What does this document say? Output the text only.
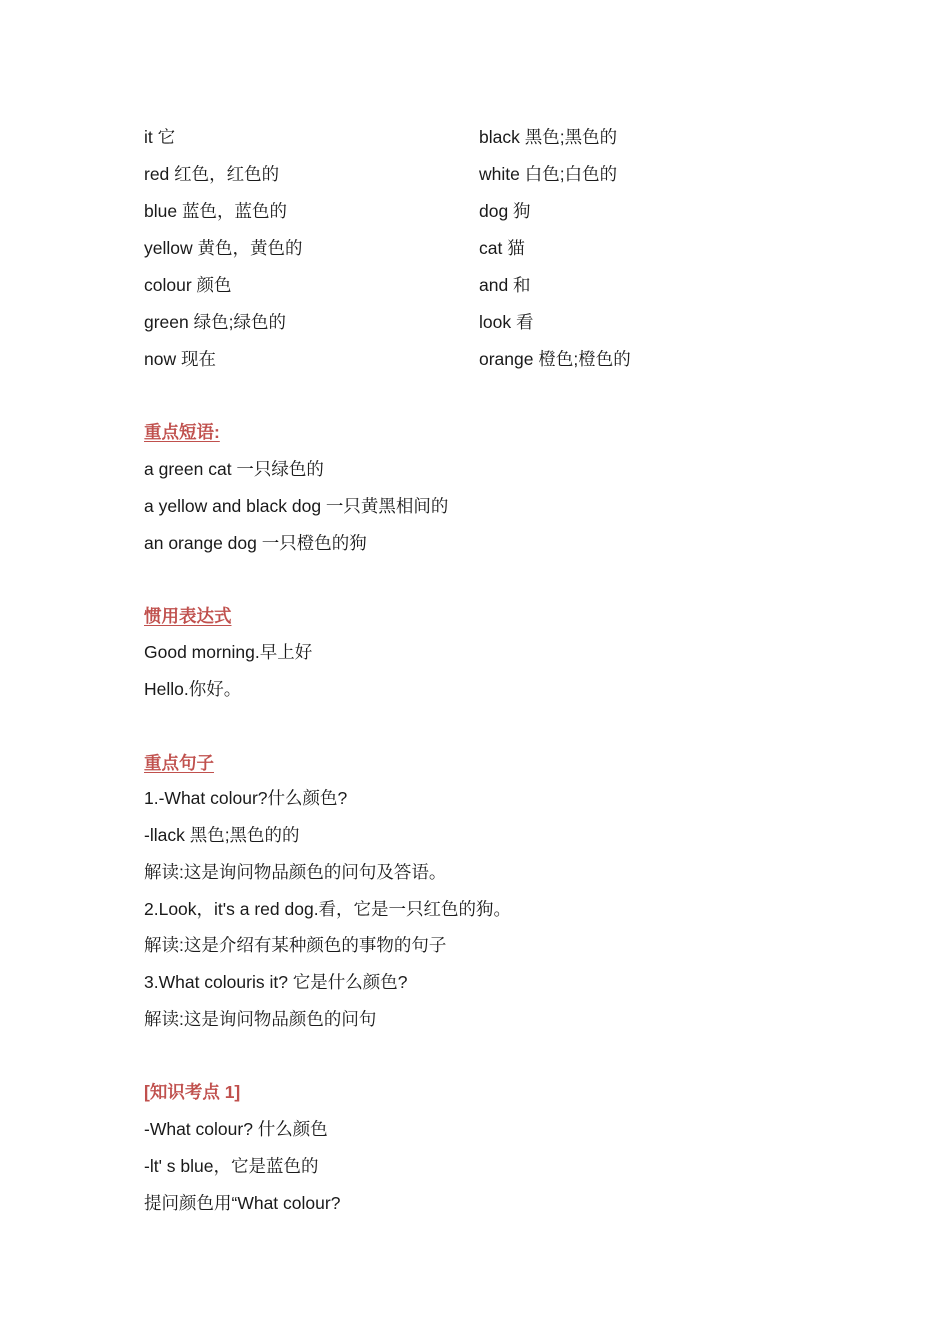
it 它
red 红色，红色的
blue 蓝色，蓝色的
yellow 黄色，黄色的
colour 颜色
green 绿色;绿色的
now 现在
black 黑色;黑色的
white 白色;白色的
dog 狗
cat 猫
and 和
look 看
orange 橙色;橙色的
重点短语:
a green cat 一只绿色的
a yellow and black dog 一只黄黑相间的
an orange dog 一只橙色的狗
惯用表达式
Good morning.早上好
Hello.你好。
重点句子
1.-What colour?什么颜色?
-llack 黑色;黑色的的
解读:这是询问物品颜色的问句及答语。
2.Look，it's a red dog.看，它是一只红色的狗。
解读:这是介绍有某种颜色的事物的句子
3.What colouris it? 它是什么颜色?
解读:这是询问物品颜色的问句
[知识考点 1]
-What colour? 什么颜色
-lt' s blue，它是蓝色的
提问颜色用“What colour?
